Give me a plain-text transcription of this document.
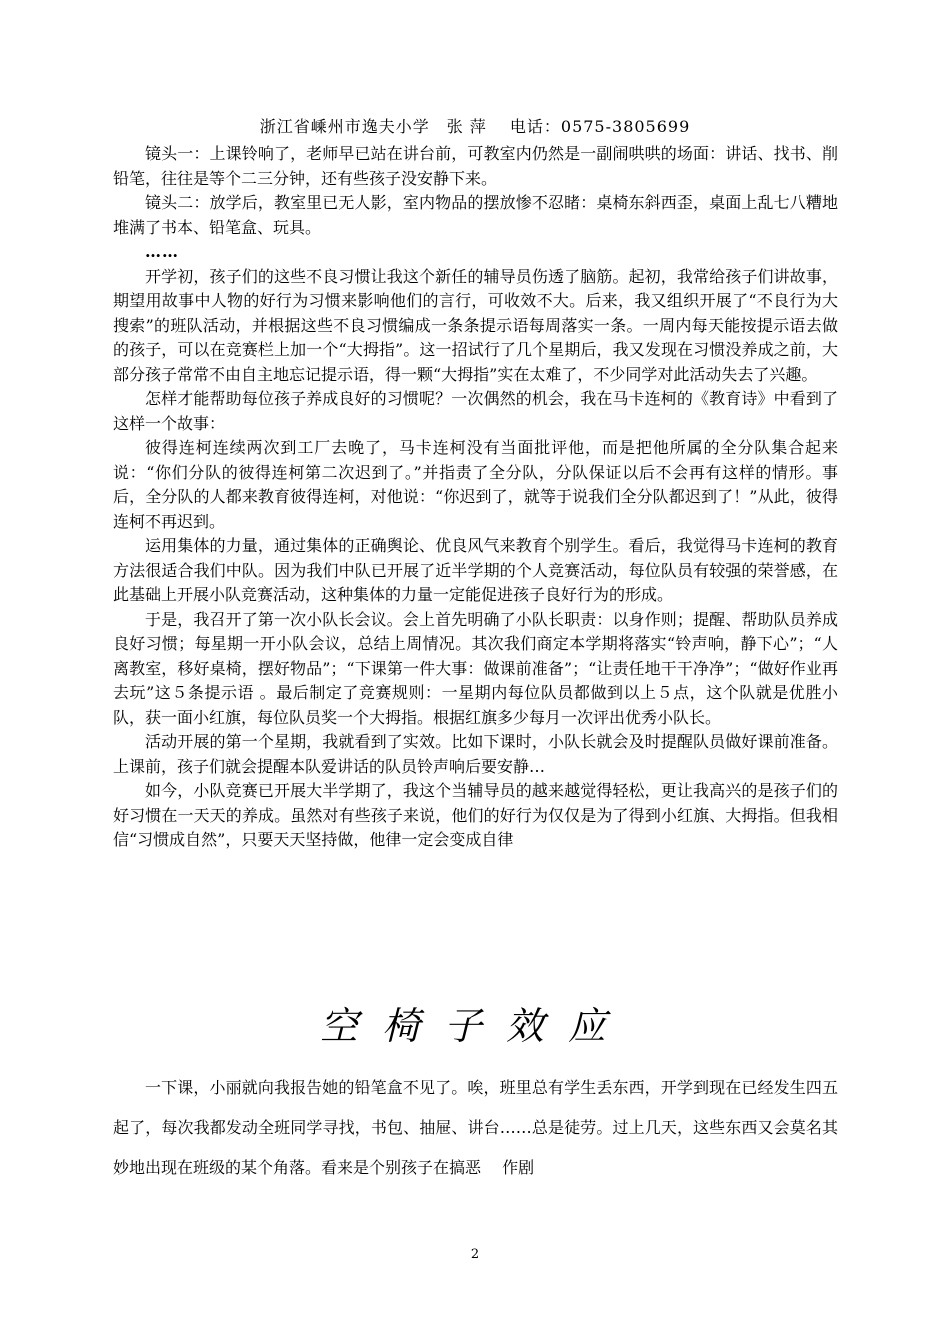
浙江省嵊州市逸夫小学　张 萍　 电话：0575-3805699

镜头一：上课铃响了，老师早已站在讲台前，可教室内仍然是一副闹哄哄的场面：讲话、找书、削铅笔，往往是等个二三分钟，还有些孩子没安静下来。

镜头二：放学后，教室里已无人影，室内物品的摆放惨不忍睹：桌椅东斜西歪，桌面上乱七八糟地堆满了书本、铅笔盒、玩具。

……

开学初，孩子们的这些不良习惯让我这个新任的辅导员伤透了脑筋。起初，我常给孩子们讲故事，期望用故事中人物的好行为习惯来影响他们的言行，可收效不大。后来，我又组织开展了“不良行为大搜索”的班队活动，并根据这些不良习惯编成一条条提示语每周落实一条。一周内每天能按提示语去做的孩子，可以在竞赛栏上加一个“大拇指”。这一招试行了几个星期后，我又发现在习惯没养成之前，大部分孩子常常不由自主地忘记提示语，得一颗“大拇指”实在太难了，不少同学对此活动失去了兴趣。

怎样才能帮助每位孩子养成良好的习惯呢？一次偶然的机会，我在马卡连柯的《教育诗》中看到了这样一个故事：

彼得连柯连续两次到工厂去晚了，马卡连柯没有当面批评他，而是把他所属的全分队集合起来说：“你们分队的彼得连柯第二次迟到了。”并指责了全分队，分队保证以后不会再有这样的情形。事后，全分队的人都来教育彼得连柯，对他说：“你迟到了，就等于说我们全分队都迟到了！”从此，彼得连柯不再迟到。

运用集体的力量，通过集体的正确舆论、优良风气来教育个别学生。看后，我觉得马卡连柯的教育方法很适合我们中队。因为我们中队已开展了近半学期的个人竞赛活动，每位队员有较强的荣誉感，在此基础上开展小队竞赛活动，这种集体的力量一定能促进孩子良好行为的形成。

于是，我召开了第一次小队长会议。会上首先明确了小队长职责：以身作则；提醒、帮助队员养成良好习惯；每星期一开小队会议，总结上周情况。其次我们商定本学期将落实“铃声响，静下心”；“人离教室，移好桌椅，摆好物品”；“下课第一件大事：做课前准备”；“让责任地干干净净”；“做好作业再去玩”这５条提示语 。最后制定了竞赛规则：一星期内每位队员都做到以上５点，这个队就是优胜小队，获一面小红旗，每位队员奖一个大拇指。根据红旗多少每月一次评出优秀小队长。

活动开展的第一个星期，我就看到了实效。比如下课时，小队长就会及时提醒队员做好课前准备。上课前，孩子们就会提醒本队爱讲话的队员铃声响后要安静…

如今，小队竞赛已开展大半学期了，我这个当辅导员的越来越觉得轻松，更让我高兴的是孩子们的好习惯在一天天的养成。虽然对有些孩子来说，他们的好行为仅仅是为了得到小红旗、大拇指。但我相信“习惯成自然”，只要天天坚持做，他律一定会变成自律

空椅子效应

一下课，小丽就向我报告她的铅笔盒不见了。唉，班里总有学生丢东西，开学到现在已经发生四五起了，每次我都发动全班同学寻找，书包、抽屉、讲台……总是徒劳。过上几天，这些东西又会莫名其妙地出现在班级的某个角落。看来是个别孩子在搞恶　 作剧

2
